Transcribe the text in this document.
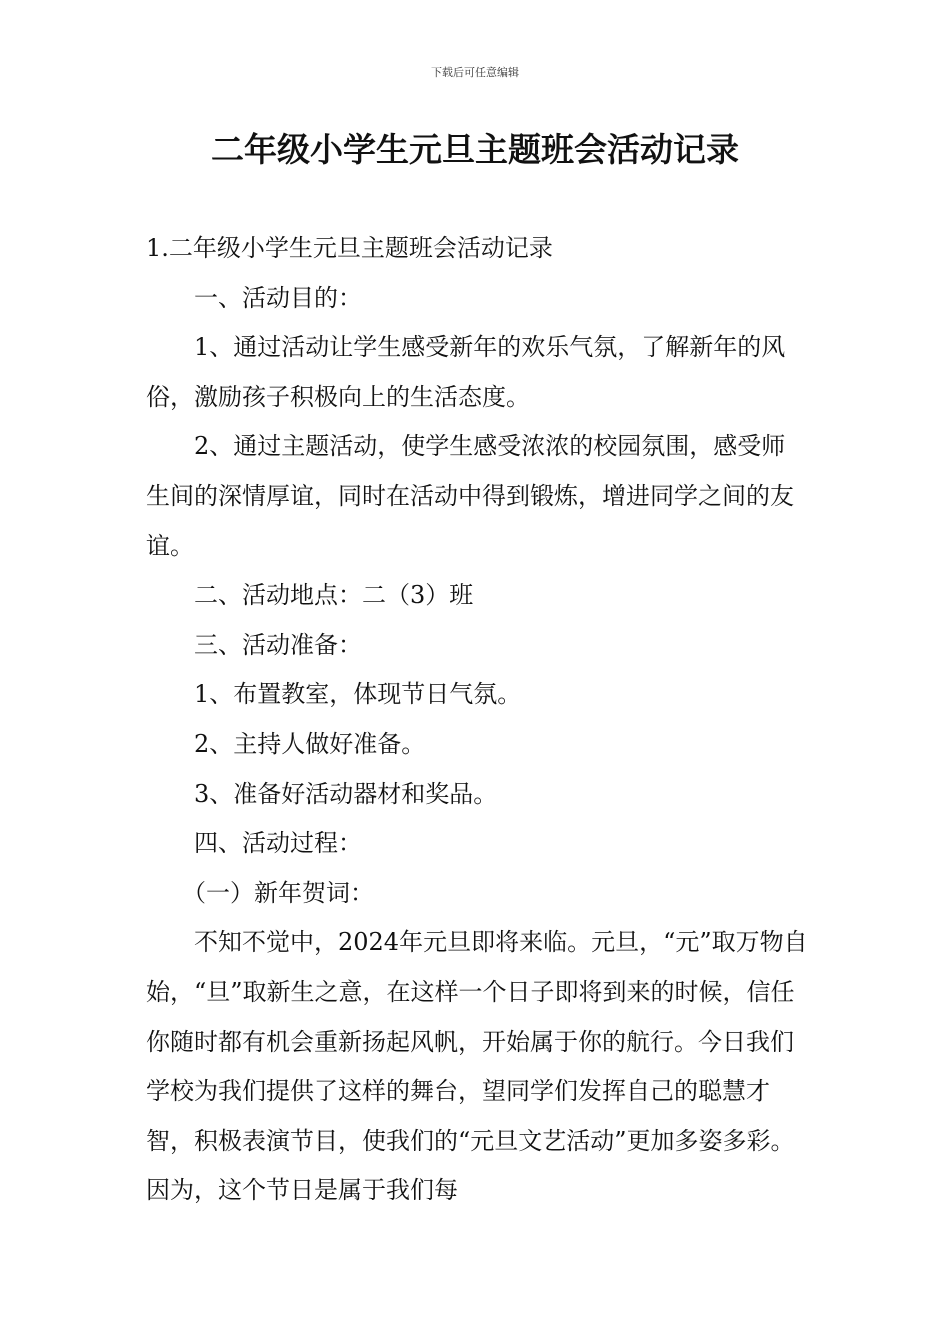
下载后可任意编辑
二年级小学生元旦主题班会活动记录

1.二年级小学生元旦主题班会活动记录

一、活动目的：

1、通过活动让学生感受新年的欢乐气氛，了解新年的风俗，激励孩子积极向上的生活态度。

2、通过主题活动，使学生感受浓浓的校园氛围，感受师生间的深情厚谊，同时在活动中得到锻炼，增进同学之间的友谊。

二、活动地点：二（3）班

三、活动准备：

1、布置教室，体现节日气氛。

2、主持人做好准备。

3、准备好活动器材和奖品。

四、活动过程：

（一）新年贺词：

不知不觉中，2024年元旦即将来临。元旦，“元”取万物自始，“旦”取新生之意，在这样一个日子即将到来的时候，信任你随时都有机会重新扬起风帆，开始属于你的航行。今日我们学校为我们提供了这样的舞台，望同学们发挥自己的聪慧才智，积极表演节目，使我们的“元旦文艺活动”更加多姿多彩。因为，这个节日是属于我们每
